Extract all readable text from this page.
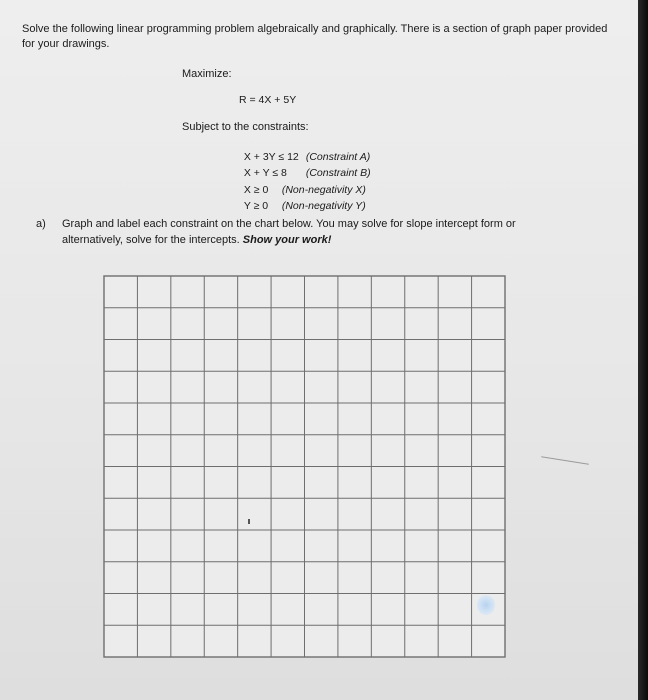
Solve the following linear programming problem algebraically and graphically. There is a section of graph paper provided for your drawings.
Maximize:
R = 4X + 5Y
Subject to the constraints:

X + 3Y ≤ 12 (Constraint A)

X + Y ≤ 8 (Constraint B)

X ≥ 0 (Non-negativity X)

Y ≥ 0 (Non-negativity Y)

a) Graph and label each constraint on the chart below. You may solve for slope intercept form or alternatively, solve for the intercepts. Show your work!
